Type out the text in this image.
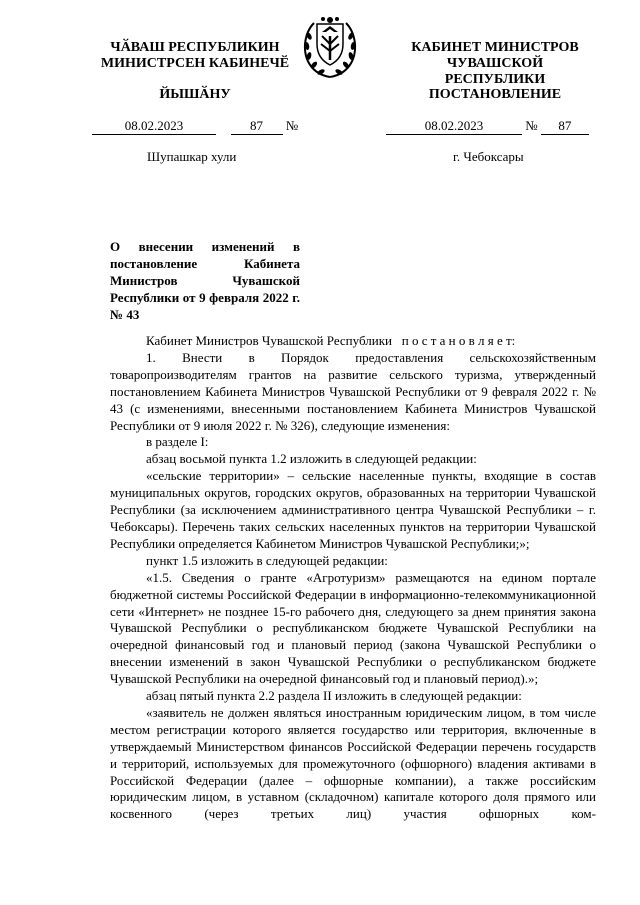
ЧӐВАШ РЕСПУБЛИКИН
МИНИСТРСЕН КАБИНЕЧӖ
ЙЫШӐНУ
КАБИНЕТ МИНИСТРОВ
ЧУВАШСКОЙ РЕСПУБЛИКИ
ПОСТАНОВЛЕНИЕ
08.02.2023	87 №	08.02.2023	№ 87
Шупашкар хули	г. Чебоксары
О внесении изменений в постановление Кабинета Министров Чувашской Республики от 9 февраля 2022 г. № 43

Кабинет Министров Чувашской Республики п о с т а н о в л я е т:

1. Внести в Порядок предоставления сельскохозяйственным товаропроизводителям грантов на развитие сельского туризма, утвержденный постановлением Кабинета Министров Чувашской Республики от 9 февраля 2022 г. № 43 (с изменениями, внесенными постановлением Кабинета Министров Чувашской Республики от 9 июля 2022 г. № 326), следующие изменения:

в разделе I:

абзац восьмой пункта 1.2 изложить в следующей редакции:

«сельские территории» – сельские населенные пункты, входящие в состав муниципальных округов, городских округов, образованных на территории Чувашской Республики (за исключением административного центра Чувашской Республики – г. Чебоксары). Перечень таких сельских населенных пунктов на территории Чувашской Республики определяется Кабинетом Министров Чувашской Республики;»;

пункт 1.5 изложить в следующей редакции:

«1.5. Сведения о гранте «Агротуризм» размещаются на едином портале бюджетной системы Российской Федерации в информационно-телекоммуникационной сети «Интернет» не позднее 15-го рабочего дня, следующего за днем принятия закона Чувашской Республики о республиканском бюджете Чувашской Республики на очередной финансовый год и плановый период (закона Чувашской Республики о внесении изменений в закон Чувашской Республики о республиканском бюджете Чувашской Республики на очередной финансовый год и плановый период).»;

абзац пятый пункта 2.2 раздела II изложить в следующей редакции:

«заявитель не должен являться иностранным юридическим лицом, в том числе местом регистрации которого является государство или территория, включенные в утверждаемый Министерством финансов Российской Федерации перечень государств и территорий, используемых для промежуточного (офшорного) владения активами в Российской Федерации (далее – офшорные компании), а также российским юридическим лицом, в уставном (складочном) капитале которого доля прямого или косвенного (через третьих лиц) участия офшорных ком-
